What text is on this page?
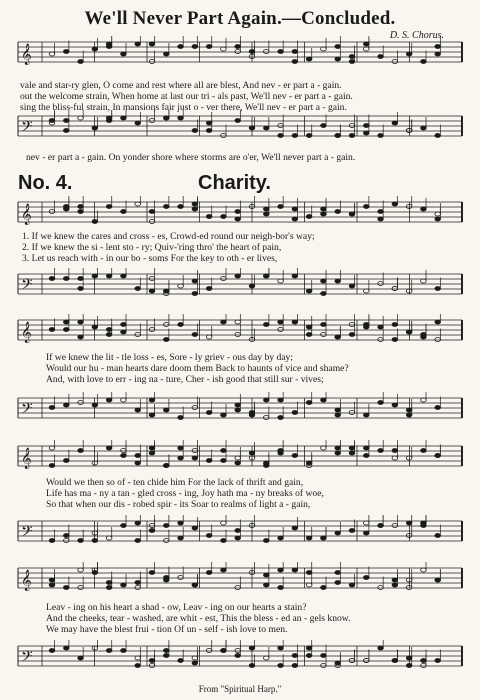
We'll Never Part Again.—Concluded.
D. S. Chorus.
𝄞

vale and star-ry glen, O come and rest where all are blest, And nev - er part a - gain.

out the welcome strain, When home at last our tri - als past, We'll nev - er part a - gain.

sing the bliss-ful strain, In mansions fair just o - ver there, We'll nev - er part a - gain.

𝄢

nev - er part a - gain. On yonder shore where storms are o'er, We'll never part a - gain.

No. 4.	Charity.
𝄞

1. If we knew the cares and cross - es, Crowd-ed round our neigh-bor's way;

2. If we knew the si - lent sto - ry; Quiv-'ring thro' the heart of pain,

3. Let us reach with - in our bo - soms For the key to oth - er lives,

𝄢
𝄞

If we knew the lit - tle loss - es, Sore - ly griev - ous day by day;

Would our hu - man hearts dare doom them Back to haunts of vice and shame?

And, with love to err - ing na - ture, Cher - ish good that still sur - vives;

𝄢
𝄞

Would we then so of - ten chide him For the lack of thrift and gain,

Life has ma - ny a tan - gled cross - ing, Joy hath ma - ny breaks of woe,

So that when our dis - robed spir - its Soar to realms of light a - gain,

𝄢
𝄞

Leav - ing on his heart a shad - ow, Leav - ing on our hearts a stain?

And the cheeks, tear - washed, are whit - est, This the bless - ed an - gels know.

We may have the blest frui - tion Of un - self - ish love to men.

𝄢
From "Spiritual Harp."
